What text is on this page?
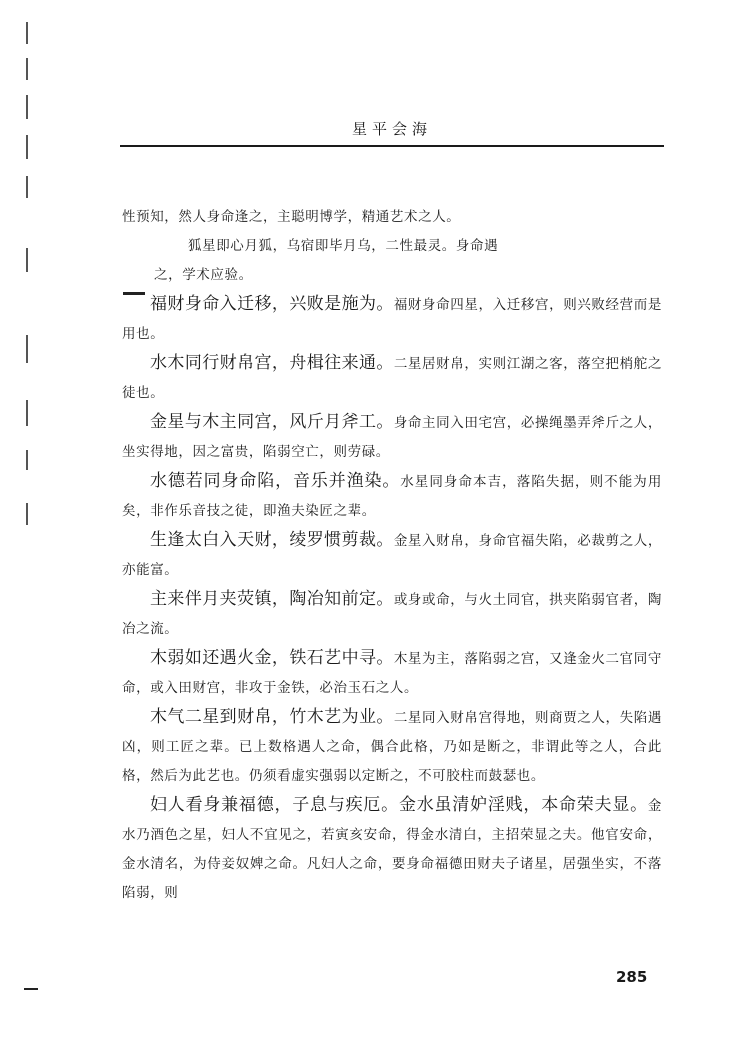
星平会海

性预知，然人身命逢之，主聪明博学，精通艺术之人。

狐星即心月狐，乌宿即毕月乌，二性最灵。身命遇
之，学术应验。

福财身命入迁移，兴败是施为。福财身命四星，入迁移宫，则兴败经营而是用也。

水木同行财帛宫，舟楫往来通。二星居财帛，实则江湖之客，落空把梢舵之徒也。

金星与木主同宫，风斤月斧工。身命主同入田宅宫，必操绳墨弄斧斤之人，坐实得地，因之富贵，陷弱空亡，则劳碌。

水德若同身命陷，音乐并渔染。水星同身命本吉，落陷失据，则不能为用矣，非作乐音技之徒，即渔夫染匠之辈。

生逢太白入天财，绫罗惯剪裁。金星入财帛，身命官福失陷，必裁剪之人，亦能富。

主来伴月夹荧镇，陶冶知前定。或身或命，与火土同官，拱夹陷弱官者，陶冶之流。

木弱如还遇火金，铁石艺中寻。木星为主，落陷弱之宫，又逢金火二官同守命，或入田财宫，非攻于金铁，必治玉石之人。

木气二星到财帛，竹木艺为业。二星同入财帛宫得地，则商贾之人，失陷遇凶，则工匠之辈。已上数格遇人之命，偶合此格，乃如是断之，非谓此等之人，合此格，然后为此艺也。仍须看虚实强弱以定断之，不可胶柱而鼓瑟也。

妇人看身兼福德，子息与疾厄。金水虽清妒淫贱，本命荣夫显。金水乃酒色之星，妇人不宜见之，若寅亥安命，得金水清白，主招荣显之夫。他官安命，金水清名，为侍妾奴婢之命。凡妇人之命，要身命福德田财夫子诸星，居强坐实，不落陷弱，则

285
